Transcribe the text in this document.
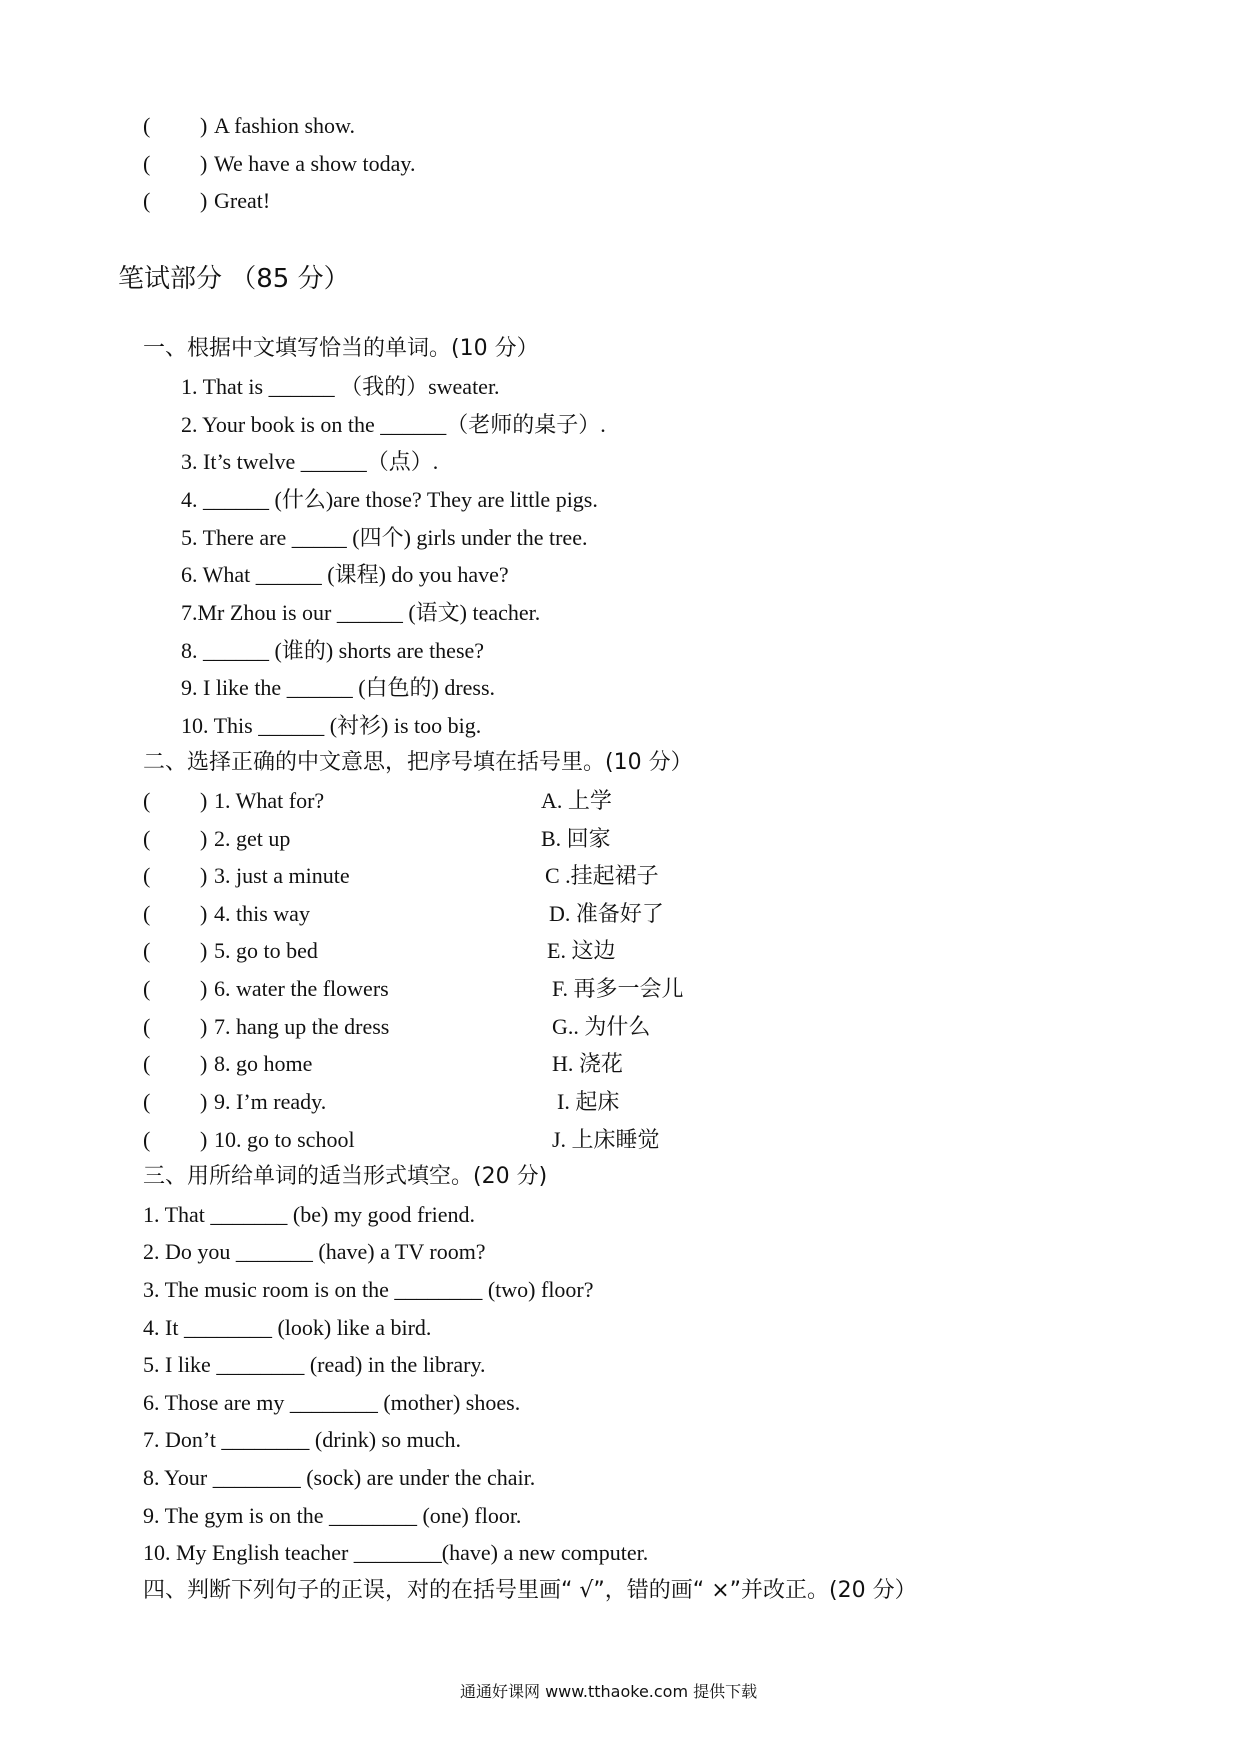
( ) A fashion show.
( ) We have a show today.
( ) Great!
笔试部分 （85 分）
一、根据中文填写恰当的单词。(10 分）
1. That is ______ （我的）sweater.
2. Your book is on the ______（老师的桌子）.
3. It’s twelve ______（点）.
4. ______ (什么)are those? They are little pigs.
5. There are _____ (四个) girls under the tree.
6. What ______ (课程) do you have?
7.Mr Zhou is our ______ (语文) teacher.
8. ______ (谁的) shorts are these?
9. I like the ______ (白色的) dress.
10. This ______ (衬衫) is too big.
二、选择正确的中文意思，把序号填在括号里。(10 分）
( ) 1. What for?	A. 上学
( ) 2. get up	B. 回家
( ) 3. just a minute	C .挂起裙子
( ) 4. this way	D. 准备好了
( ) 5. go to bed	E. 这边
( ) 6. water the flowers	F. 再多一会儿
( ) 7. hang up the dress	G.. 为什么
( ) 8. go home	H. 浇花
( ) 9. I’m ready.	I. 起床
( ) 10. go to school	J. 上床睡觉
三、用所给单词的适当形式填空。(20 分)
1. That _______ (be) my good friend.
2. Do you _______ (have) a TV room?
3. The music room is on the ________ (two) floor?
4. It ________ (look) like a bird.
5. I like ________ (read) in the library.
6. Those are my ________ (mother) shoes.
7. Don’t ________ (drink) so much.
8. Your ________ (sock) are under the chair.
9. The gym is on the ________ (one) floor.
10. My English teacher ________(have) a new computer.
四、判断下列句子的正误，对的在括号里画“ √”，错的画“ ×”并改正。(20 分）
通通好课网 www.tthaoke.com 提供下载
